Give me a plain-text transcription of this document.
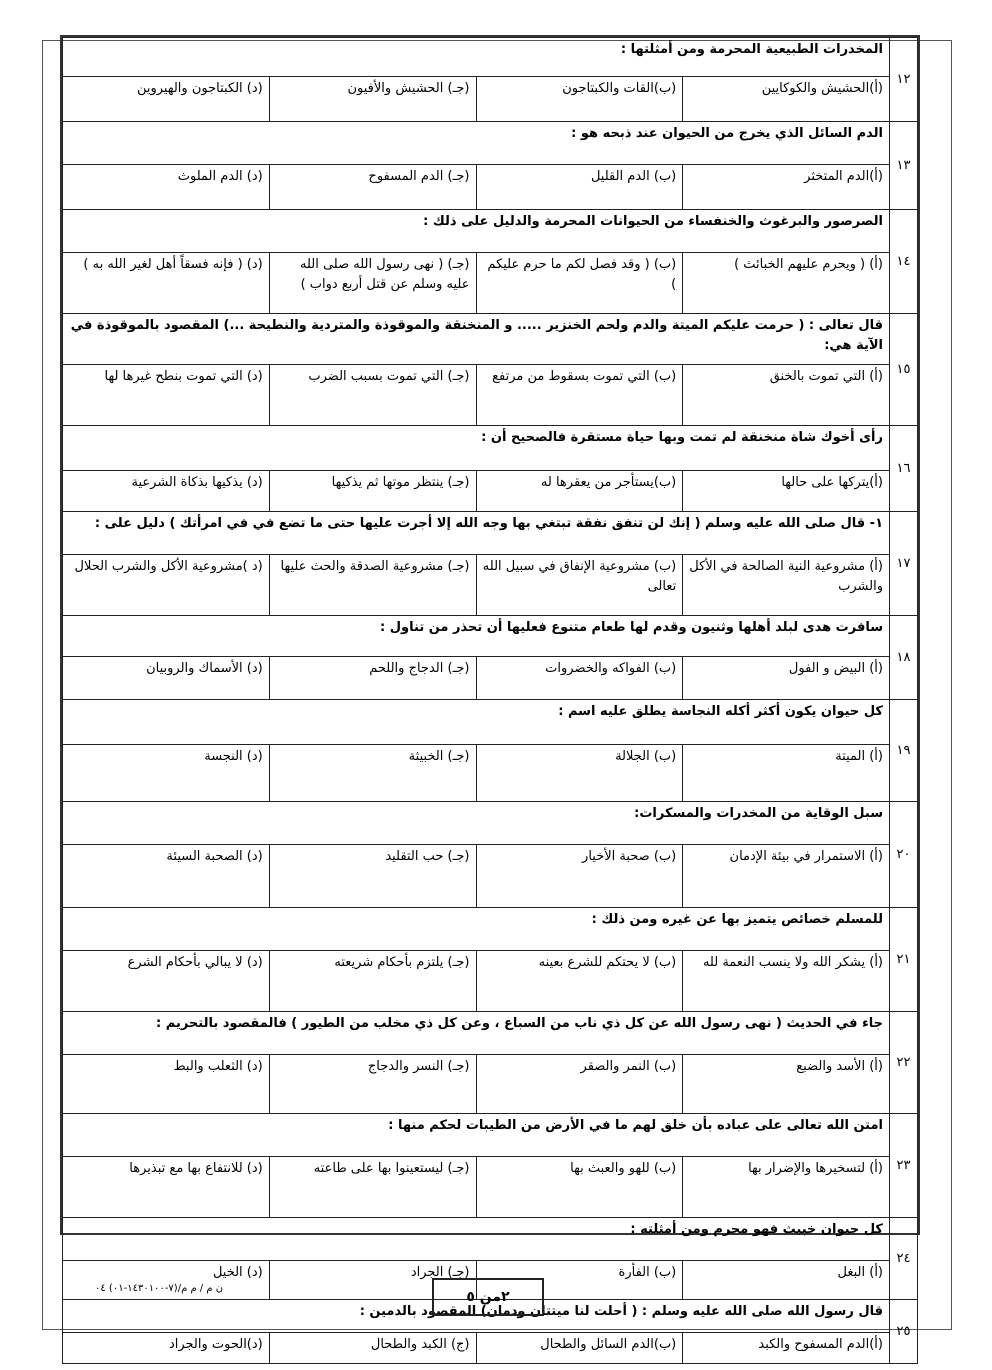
١٢	المخدرات الطبيعية المحرمة ومن أمثلتها :			
	(أ)الحشيش والكوكايين	(ب)القات والكبتاجون	(جـ) الحشيش والأفيون	(د) الكبتاجون والهيروين
١٣	الدم السائل الذي يخرج من الحيوان عند ذبحه هو :			
	(أ)الدم المتخثر	(ب) الدم القليل	(جـ) الدم المسفوح	(د) الدم الملوث
١٤	الصرصور والبرغوث والخنفساء من الحيوانات المحرمة والدليل على ذلك :			
	(أ) ( ويحرم عليهم الخبائث )	(ب) ( وقد فصل لكم ما حرم عليكم )	(جـ) ( نهى رسول الله صلى الله عليه وسلم عن قتل أربع دواب )	(د) ( فإنه فسقاً أهل لغير الله به )
١٥	قال تعالى : ( حرمت عليكم الميتة والدم ولحم الخنزير ..... و المنخنقة والموقوذة والمتردية والنطيحة ...) المقصود بالموقوذة في الآية هي:			
	(أ) التي تموت بالخنق	(ب) التي تموت بسقوط من مرتفع	(جـ) التي تموت بسبب الضرب	(د) التي تموت بنطح غيرها لها
١٦	رأى أخوك شاة منخنقة لم تمت وبها حياة مستقرة فالصحيح أن :			
	(أ)يتركها على حالها	(ب)يستأجر من يعقرها له	(جـ) ينتظر موتها ثم يذكيها	(د) يذكيها بذكاة الشرعية
١٧	١- قال صلى الله عليه وسلم ( إنك لن تنفق نفقة تبتغي بها وجه الله إلا أجرت عليها حتى ما تضع في في امرأتك ) دليل على :			
	(أ) مشروعية النية الصالحة في الأكل والشرب	(ب) مشروعية الإنفاق في سبيل الله تعالى	(جـ) مشروعية الصدقة والحث عليها	(د )مشروعية الأكل والشرب الحلال
١٨	سافرت هدى لبلد أهلها وثنيون وقدم لها طعام متنوع فعليها أن تحذر من تناول :			
	(أ) البيض و الفول	(ب) الفواكه والخضروات	(جـ) الدجاج واللحم	(د) الأسماك والروبيان
١٩	كل حيوان يكون أكثر أكله النجاسة يطلق عليه اسم :			
	(أ) الميتة	(ب) الجلالة	(جـ) الخبيثة	(د) النجسة
٢٠	سبل الوقاية من المخدرات والمسكرات:			
	(أ) الاستمرار في بيئة الإدمان	(ب) صحبة الأخيار	(جـ) حب التقليد	(د) الصحبة السيئة
٢١	للمسلم خصائص يتميز بها عن غيره ومن ذلك :			
	(أ) يشكر الله ولا ينسب النعمة لله	(ب) لا يحتكم للشرع بعينه	(جـ) يلتزم بأحكام شريعته	(د) لا يبالي بأحكام الشرع
٢٢	جاء في الحديث ( نهى رسول الله عن كل ذي ناب من السباع ، وعن كل ذي مخلب من الطيور ) فالمقصود بالتحريم :			
	(أ) الأسد والضبع	(ب) النمر والصقر	(جـ) النسر والدجاج	(د) الثعلب والبط
٢٣	امتن الله تعالى على عباده بأن خلق لهم ما في الأرض من الطيبات لحكم منها :			
	(أ) لتسخيرها والإضرار بها	(ب) للهو والعبث بها	(جـ) ليستعينوا بها على طاعته	(د) للانتفاع بها مع تبذيرها
٢٤	كل حيوان خبيث فهو محرم ومن أمثلته :			
	(أ) البغل	(ب) الفأرة	(جـ) الجراد	(د) الخيل
٢٥	قال رسول الله صلى الله عليه وسلم : ( أحلت لنا ميتتان ودمان) المقصود بالدمين :			
	(أ)الدم المسفوح والكبد	(ب)الدم السائل والطحال	(ج) الكبد والطحال	(د)الحوت والجراد
ن م / م م/(٧-١٤٣٠١٠٠-٠١) ٠٤
٢من ٥
